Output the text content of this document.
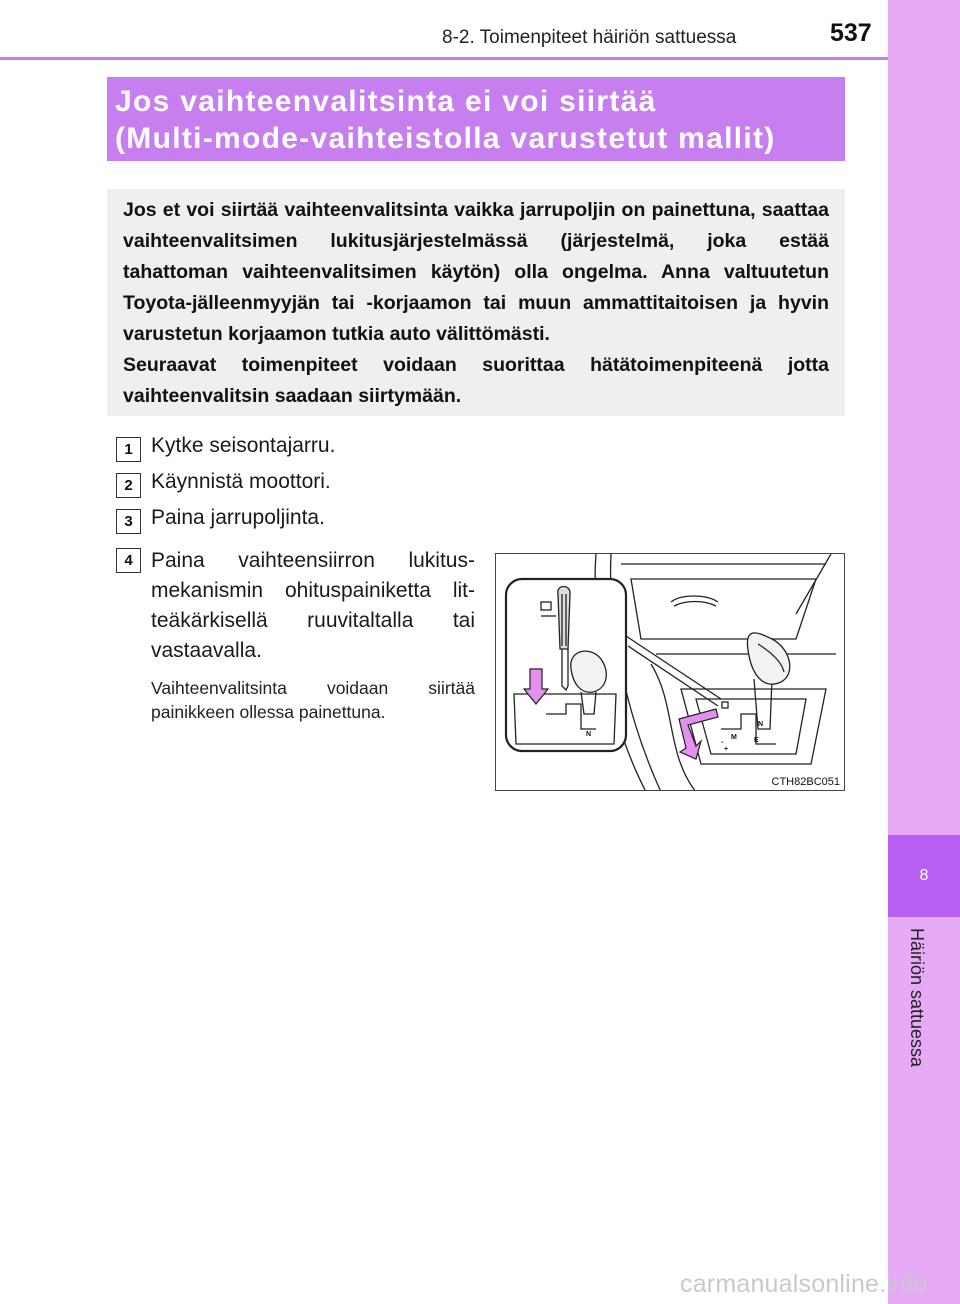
8-2. Toimenpiteet häiriön sattuessa	537
8
Häiriön sattuessa
Jos vaihteenvalitsinta ei voi siirtää
(Multi-mode-vaihteistolla varustetut mallit)

Jos et voi siirtää vaihteenvalitsinta vaikka jarrupoljin on painettuna, saattaa vaihteenvalitsimen lukitusjärjestelmässä (järjestelmä, joka estää tahattoman vaihteenvalitsimen käytön) olla ongelma. Anna valtuutetun Toyota-jälleenmyyjän tai -korjaamon tai muun ammattitaitoisen ja hyvin varustetun korjaamon tutkia auto välittömästi.

Seuraavat toimenpiteet voidaan suorittaa hätätoimenpiteenä jotta vaihteenvalitsin saadaan siirtymään.

1 Kytke seisontajarru.
2 Käynnistä moottori.
3 Paina jarrupoljinta.
4 Paina vaihteensiirron lukitusmekanismin ohituspainiketta litteäkärkisellä ruuvitaltalla tai vastaavalla.
Vaihteenvalitsinta voidaan siirtää painikkeen ollessa painettuna.
N
M E
-
+
N
CTH82BC051
carmanualsonline.info
